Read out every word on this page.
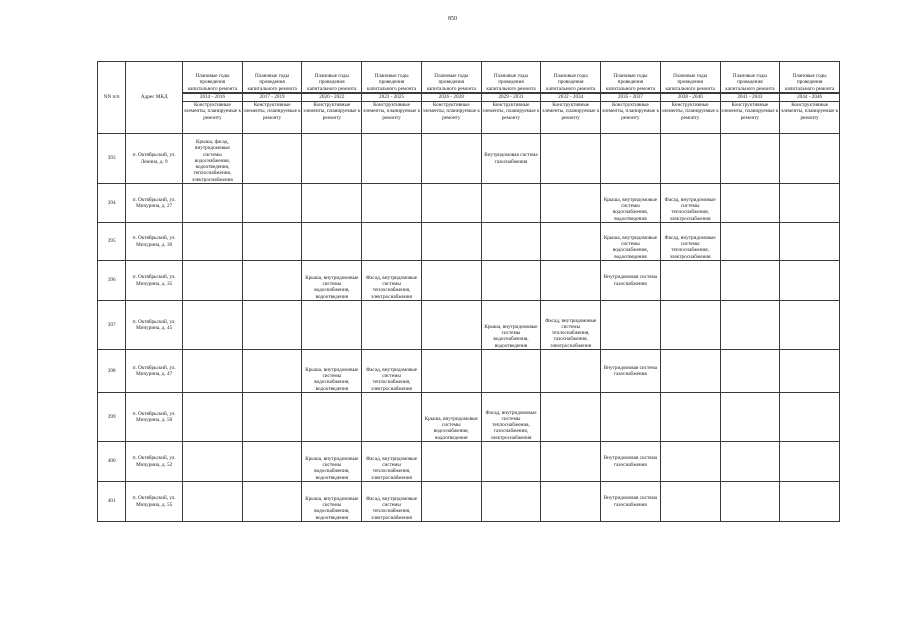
850
NN п/п	Адрес МКД	Плановые годы проведения капитального ремонта	Плановые годы проведения капитального ремонта	Плановые годы проведения капитального ремонта	Плановые годы проведения капитального ремонта	Плановые годы проведения капитального ремонта	Плановые годы проведения капитального ремонта	Плановые годы проведения капитального ремонта	Плановые годы проведения капитального ремонта	Плановые годы проведения капитального ремонта	Плановые годы проведения капитального ремонта	Плановые годы проведения капитального ремонта

		2014 - 2016	2017 - 2019	2020 - 2022	2023 - 2025	2026 - 2028	2029 - 2031	2032 - 2034	2035 - 2037	2038 - 2040	2041 - 2043	2044 - 2046
		Конструктивные элементы, планируемые к ремонту	Конструктивные элементы, планируемые к ремонту	Конструктивные элементы, планируемые к ремонту	Конструктивные элементы, планируемые к ремонту	Конструктивные элементы, планируемые к ремонту	Конструктивные элементы, планируемые к ремонту	Конструктивные элементы, планируемые к ремонту	Конструктивные элементы, планируемые к ремонту	Конструктивные элементы, планируемые к ремонту	Конструктивные элементы, планируемые к ремонту	Конструктивные элементы, планируемые к ремонту
393	п. Октябрьский, ул. Ленина, д. 9	Крыша, фасад, внутридомовые системы водоснабжения, водоотведения, теплоснабжения, электроснабжения					Внутридомовая система газоснабжения					

394	п. Октябрьский, ул. Мичурина, д. 27								Крыша, внутридомовые системы водоснабжения, водоотведения	Фасад, внутридомовые системы теплоснабжения, электроснабжения		

395	п. Октябрьский, ул. Мичурина, д. 30								Крыша, внутридомовые системы водоснабжения, водоотведения	Фасад, внутридомовые системы теплоснабжения, электроснабжения		

396	п. Октябрьский, ул. Мичурина, д. 35			Крыша, внутридомовые системы водоснабжения, водоотведения	Фасад, внутридомовые системы теплоснабжения, электроснабжения				Внутридомовая система газоснабжения			

397	п. Октябрьский, ул. Мичурина, д. 45						Крыша, внутридомовые системы водоснабжения, водоотведения	Фасад, внутридомовые системы теплоснабжения, газоснабжения, электроснабжения				

398	п. Октябрьский, ул. Мичурина, д. 47			Крыша, внутридомовые системы водоснабжения, водоотведения	Фасад, внутридомовые системы теплоснабжения, электроснабжения				Внутридомовая система газоснабжения			

399	п. Октябрьский, ул. Мичурина, д. 50					Крыша, внутридомовые системы водоснабжения, водоотведения	Фасад, внутридомовые системы теплоснабжения, газоснабжения, электроснабжения					

400	п. Октябрьский, ул. Мичурина, д. 52			Крыша, внутридомовые системы водоснабжения, водоотведения	Фасад, внутридомовые системы теплоснабжения, электроснабжения				Внутридомовая система газоснабжения			

401	п. Октябрьский, ул. Мичурина, д. 55			Крыша, внутридомовые системы водоснабжения, водоотведения	Фасад, внутридомовые системы теплоснабжения, электроснабжения				Внутридомовая система газоснабжения			
